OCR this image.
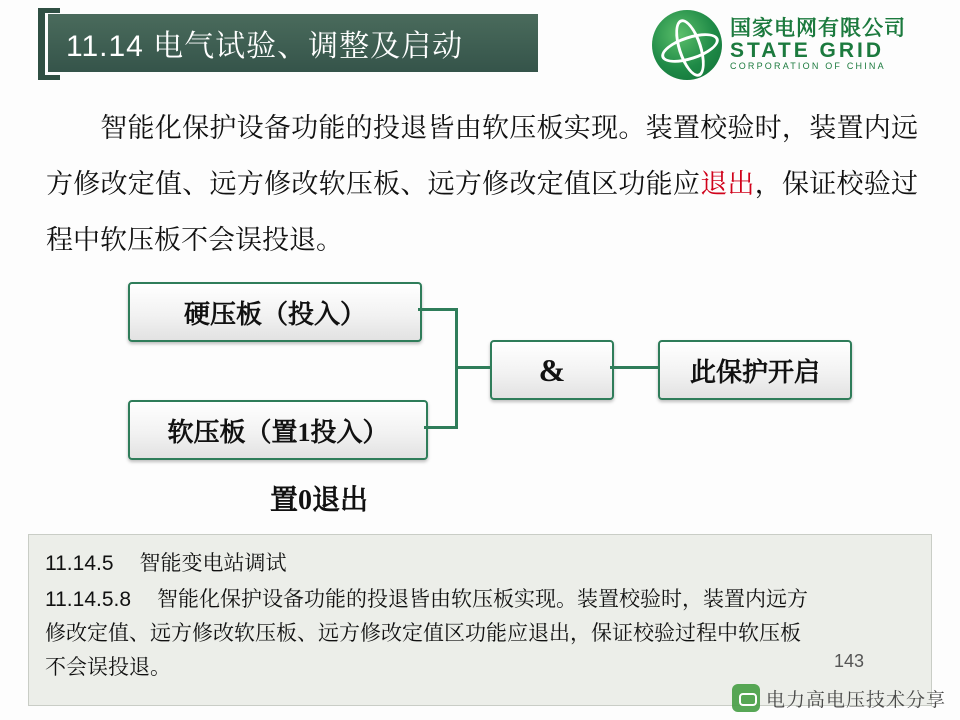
11.14 电气试验、调整及启动
国家电网有限公司
STATE GRID
CORPORATION OF CHINA
智能化保护设备功能的投退皆由软压板实现。装置校验时，装置内远方修改定值、远方修改软压板、远方修改定值区功能应退出，保证校验过程中软压板不会误投退。
硬压板（投入）
软压板（置1投入）
&	此保护开启
置0退出
11.14.5 智能变电站调试
11.14.5.8 智能化保护设备功能的投退皆由软压板实现。装置校验时，装置内远方
修改定值、远方修改软压板、远方修改定值区功能应退出，保证校验过程中软压板
不会误投退。	143
电力高电压技术分享
